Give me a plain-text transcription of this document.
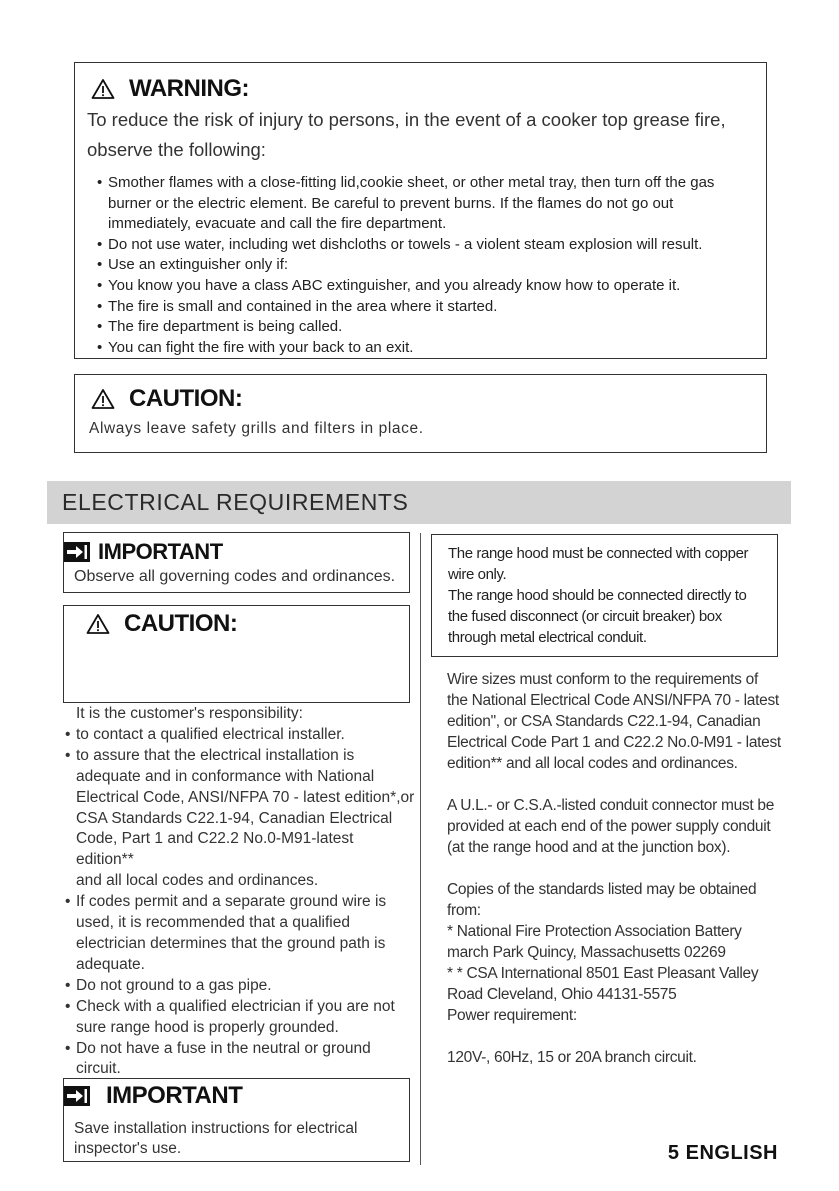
WARNING:
To reduce the risk of injury to persons, in the event of a cooker top grease fire, observe the following:
• Smother flames with a close-fitting lid,cookie sheet, or other metal tray, then turn off the gas burner or the electric element. Be careful to prevent burns. If the flames do not go out immediately, evacuate and call the fire department.
• Do not use water, including wet dishcloths or towels - a violent steam explosion will result.
• Use an extinguisher only if:
• You know you have a class ABC extinguisher, and you already know how to operate it.
• The fire is small and contained in the area where it started.
• The fire department is being called.
• You can fight the fire with your back to an exit.
CAUTION:
Always leave safety grills and filters in place.
ELECTRICAL REQUIREMENTS
IMPORTANT
Observe all governing codes and ordinances.
CAUTION:
It is the customer's responsibility:
• to contact a qualified electrical installer.
• to assure that the electrical installation is adequate and in conformance with National Electrical Code, ANSI/NFPA 70 - latest edition*,or CSA Standards C22.1-94, Canadian Electrical Code, Part 1 and C22.2 No.0-M91-latest edition**
and all local codes and ordinances.
• If codes permit and a separate ground wire is used, it is recommended that a qualified electrician determines that the ground path is adequate.
• Do not ground to a gas pipe.
• Check with a qualified electrician if you are not sure range hood is properly grounded.
• Do not have a fuse in the neutral or ground circuit.
IMPORTANT
Save installation instructions for electrical inspector's use.
The range hood must be connected with copper wire only.
The range hood should be connected directly to the fused disconnect (or circuit breaker) box through metal electrical conduit.

Wire sizes must conform to the requirements of the National Electrical Code ANSI/NFPA 70 - latest edition", or CSA Standards C22.1-94, Canadian Electrical Code Part 1 and C22.2 No.0-M91 - latest edition** and all local codes and ordinances.

A U.L.- or C.S.A.-listed conduit connector must be provided at each end of the power supply conduit (at the range hood and at the junction box).

Copies of the standards listed may be obtained from:

* National Fire Protection Association Battery march Park Quincy, Massachusetts 02269

* * CSA International 8501 East Pleasant Valley Road Cleveland, Ohio 44131-5575

Power requirement:

120V-, 60Hz, 15 or 20A branch circuit.

5 ENGLISH
